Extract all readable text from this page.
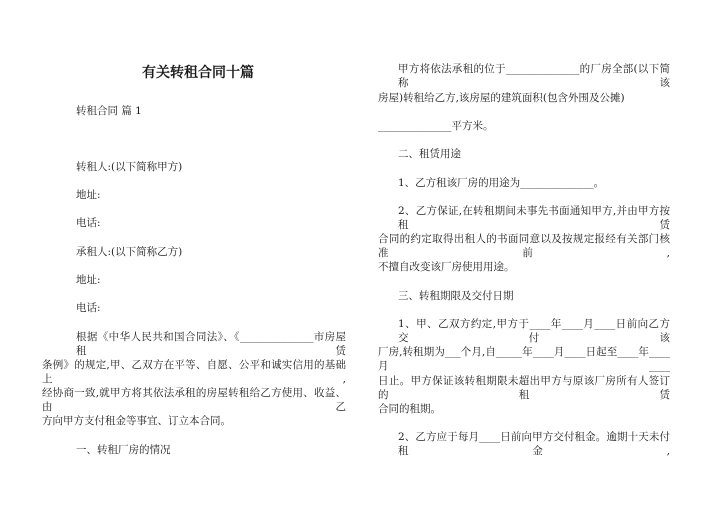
有关转租合同十篇
转租合同 篇 1
转租人:(以下简称甲方)
地址:
电话:
承租人:(以下简称乙方)
地址:
电话:
根据《中华人民共和国合同法》、《______________市房屋租赁
条例》的规定,甲、乙双方在平等、自愿、公平和诚实信用的基础上,
经协商一致,就甲方将其依法承租的房屋转租给乙方使用、收益、由乙
方向甲方支付租金等事宜、订立本合同。
一、转租厂房的情况
甲方将依法承租的位于______________的厂房全部(以下简称该
房屋)转租给乙方,该房屋的建筑面积(包含外围及公摊)
______________平方米。
二、租赁用途
1、乙方租该厂房的用途为______________。
2、乙方保证,在转租期间未事先书面通知甲方,并由甲方按租赁
合同的约定取得出租人的书面同意以及按规定报经有关部门核准前,
不擅自改变该厂房使用用途。
三、转租期限及交付日期
1、甲、乙双方约定,甲方于____年____月____日前向乙方交付该
厂房,转租期为___个月,自_____年____月____日起至____年____月____
日止。甲方保证该转租期限未超出甲方与原该厂房所有人签订的租赁
合同的租期。
2、乙方应于每月____日前向甲方交付租金。逾期十天未付租金,
